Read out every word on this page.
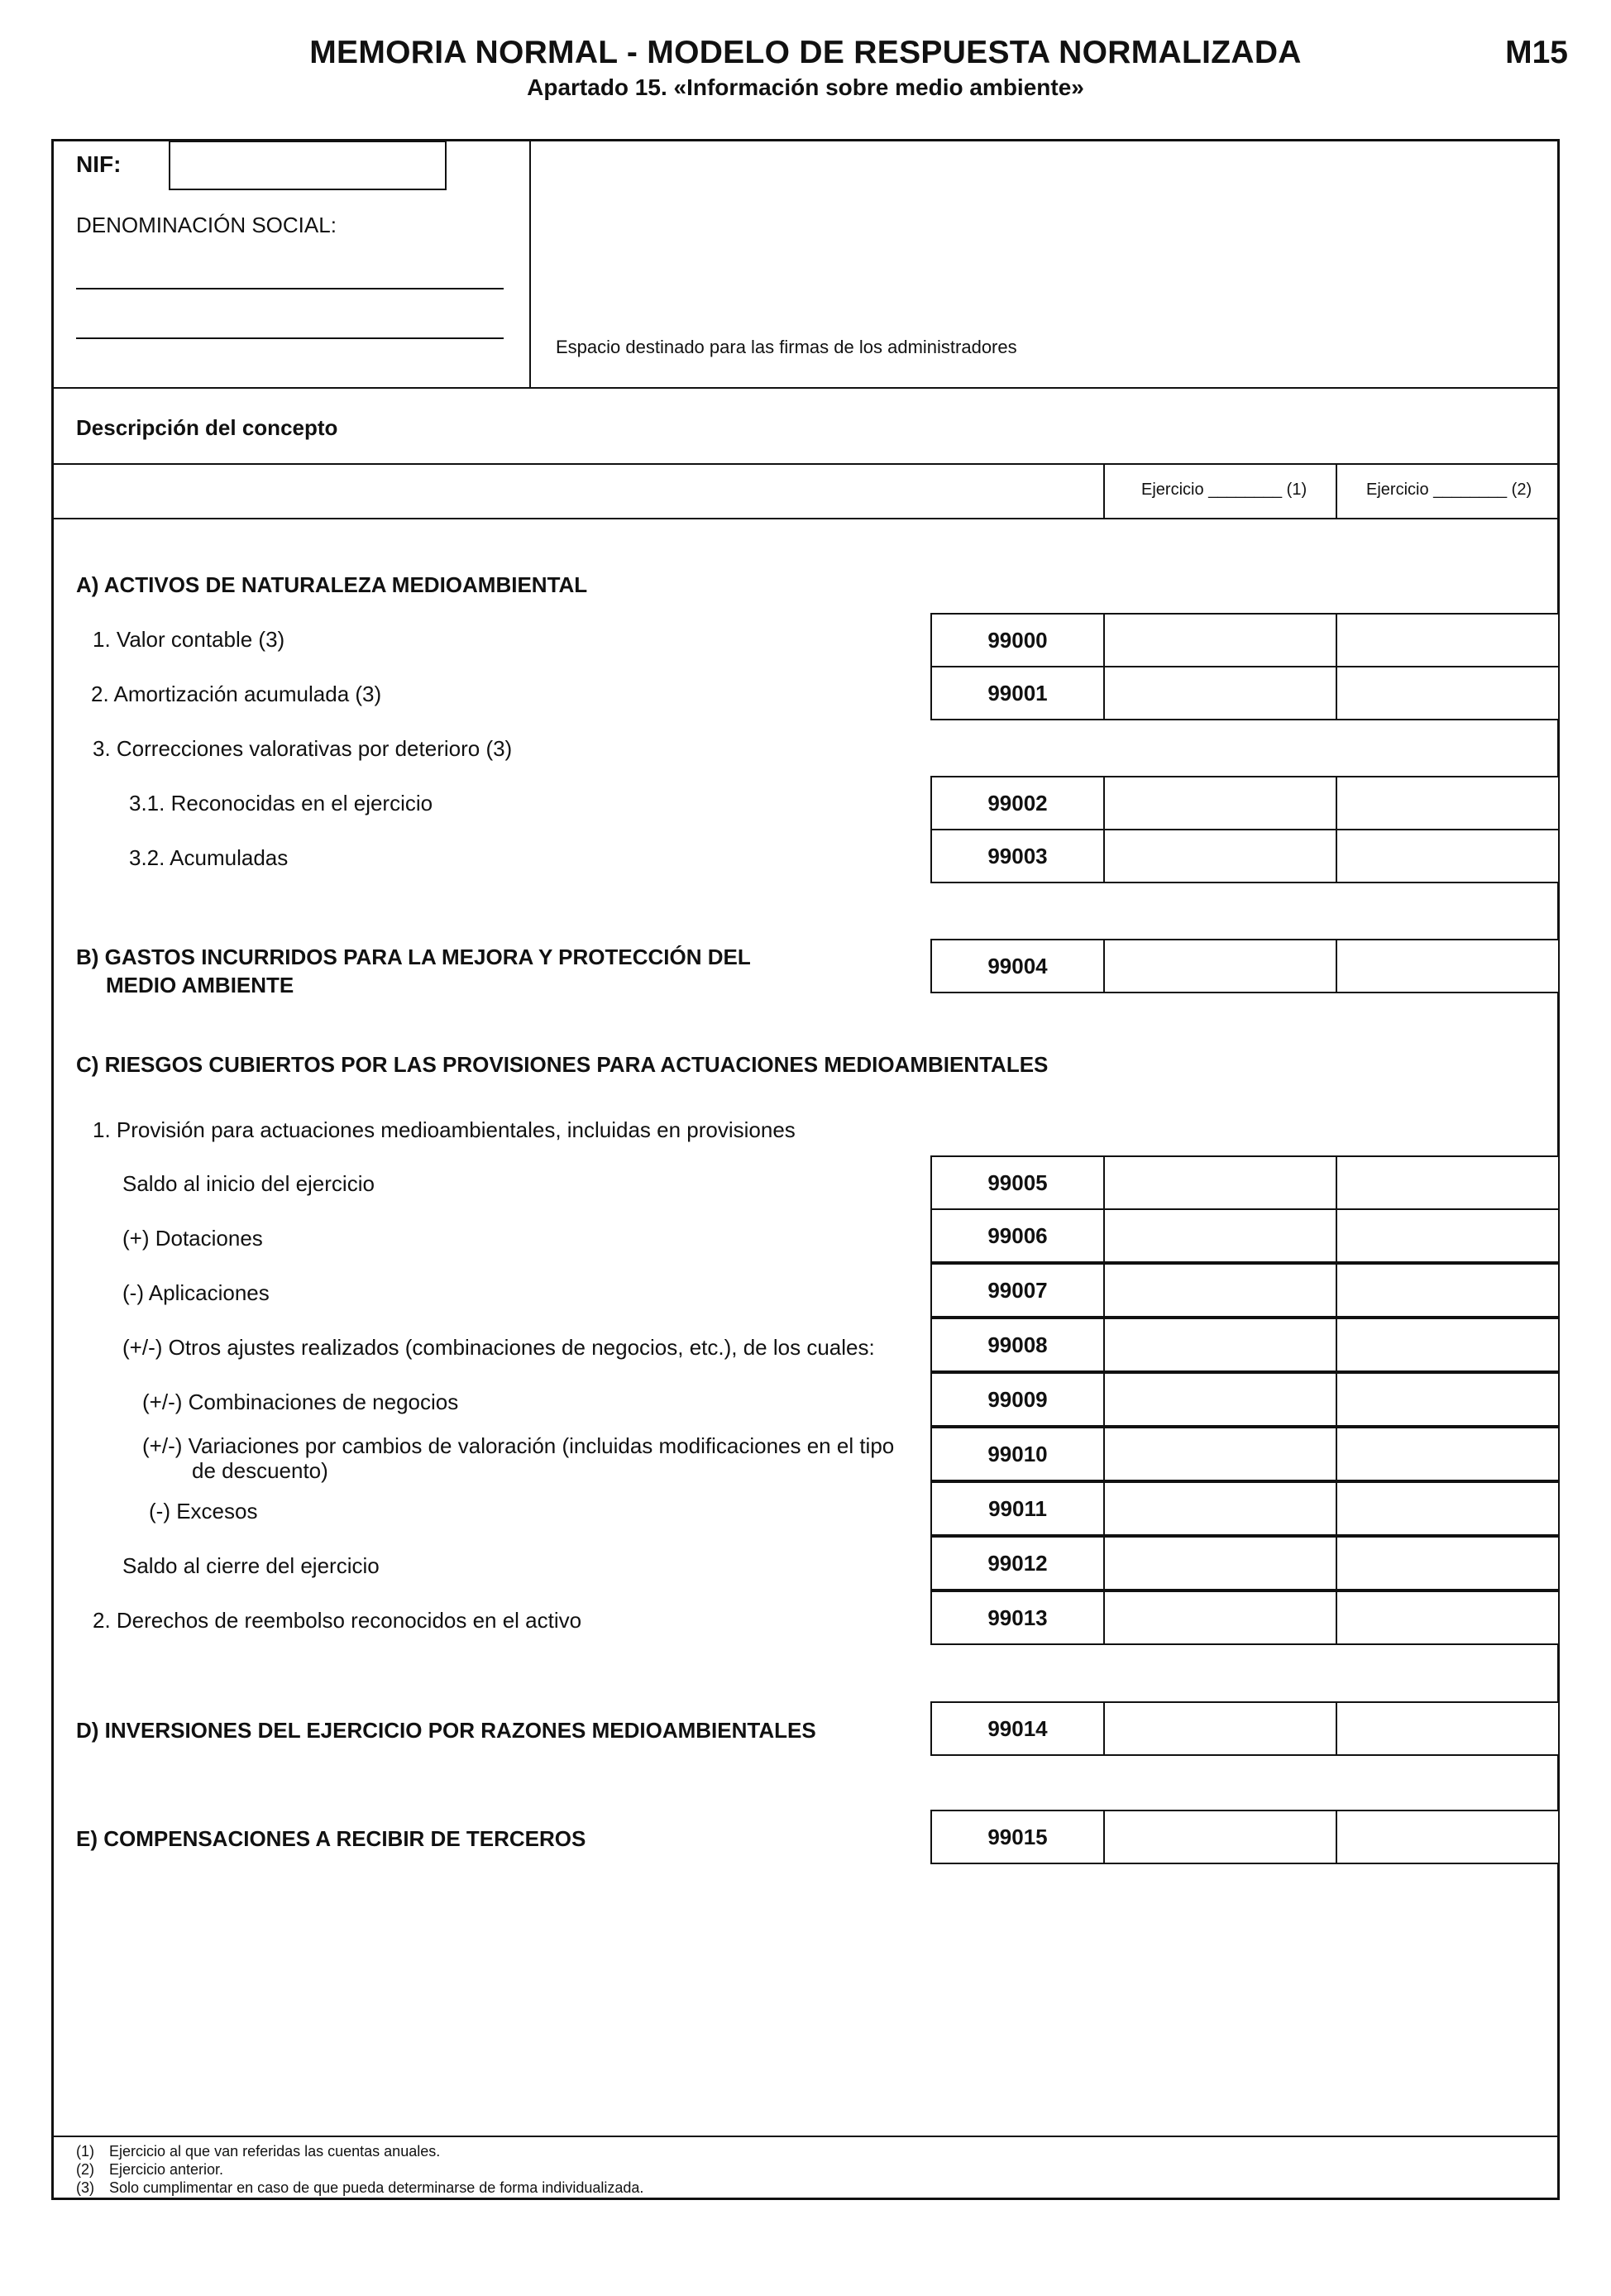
MEMORIA NORMAL - MODELO DE RESPUESTA NORMALIZADA
Apartado 15. «Información sobre medio ambiente»
M15
NIF:
DENOMINACIÓN SOCIAL:
Espacio destinado para las firmas de los administradores
Descripción del concepto
Ejercicio ________ (1)	Ejercicio ________ (2)
A) ACTIVOS DE NATURALEZA MEDIOAMBIENTAL
1. Valor contable (3)	99000
2. Amortización acumulada (3)	99001
3. Correcciones valorativas por deterioro (3)
3.1. Reconocidas en el ejercicio	99002
3.2. Acumuladas	99003
B) GASTOS INCURRIDOS PARA LA MEJORA Y PROTECCIÓN DEL
MEDIO AMBIENTE
99004
C) RIESGOS CUBIERTOS POR LAS PROVISIONES PARA ACTUACIONES MEDIOAMBIENTALES
1. Provisión para actuaciones medioambientales, incluidas en provisiones
Saldo al inicio del ejercicio	99005
(+) Dotaciones	99006
(-) Aplicaciones	99007
(+/-) Otros ajustes realizados (combinaciones de negocios, etc.), de los cuales:	99008
(+/-) Combinaciones de negocios	99009
(+/-) Variaciones por cambios de valoración (incluidas modificaciones en el tipo
de descuento)
99010
(-) Excesos	99011
Saldo al cierre del ejercicio	99012
2. Derechos de reembolso reconocidos en el activo	99013
D) INVERSIONES DEL EJERCICIO POR RAZONES MEDIOAMBIENTALES	99014
E) COMPENSACIONES A RECIBIR DE TERCEROS	99015
(1) Ejercicio al que van referidas las cuentas anuales.
(2) Ejercicio anterior.
(3) Solo cumplimentar en caso de que pueda determinarse de forma individualizada.
